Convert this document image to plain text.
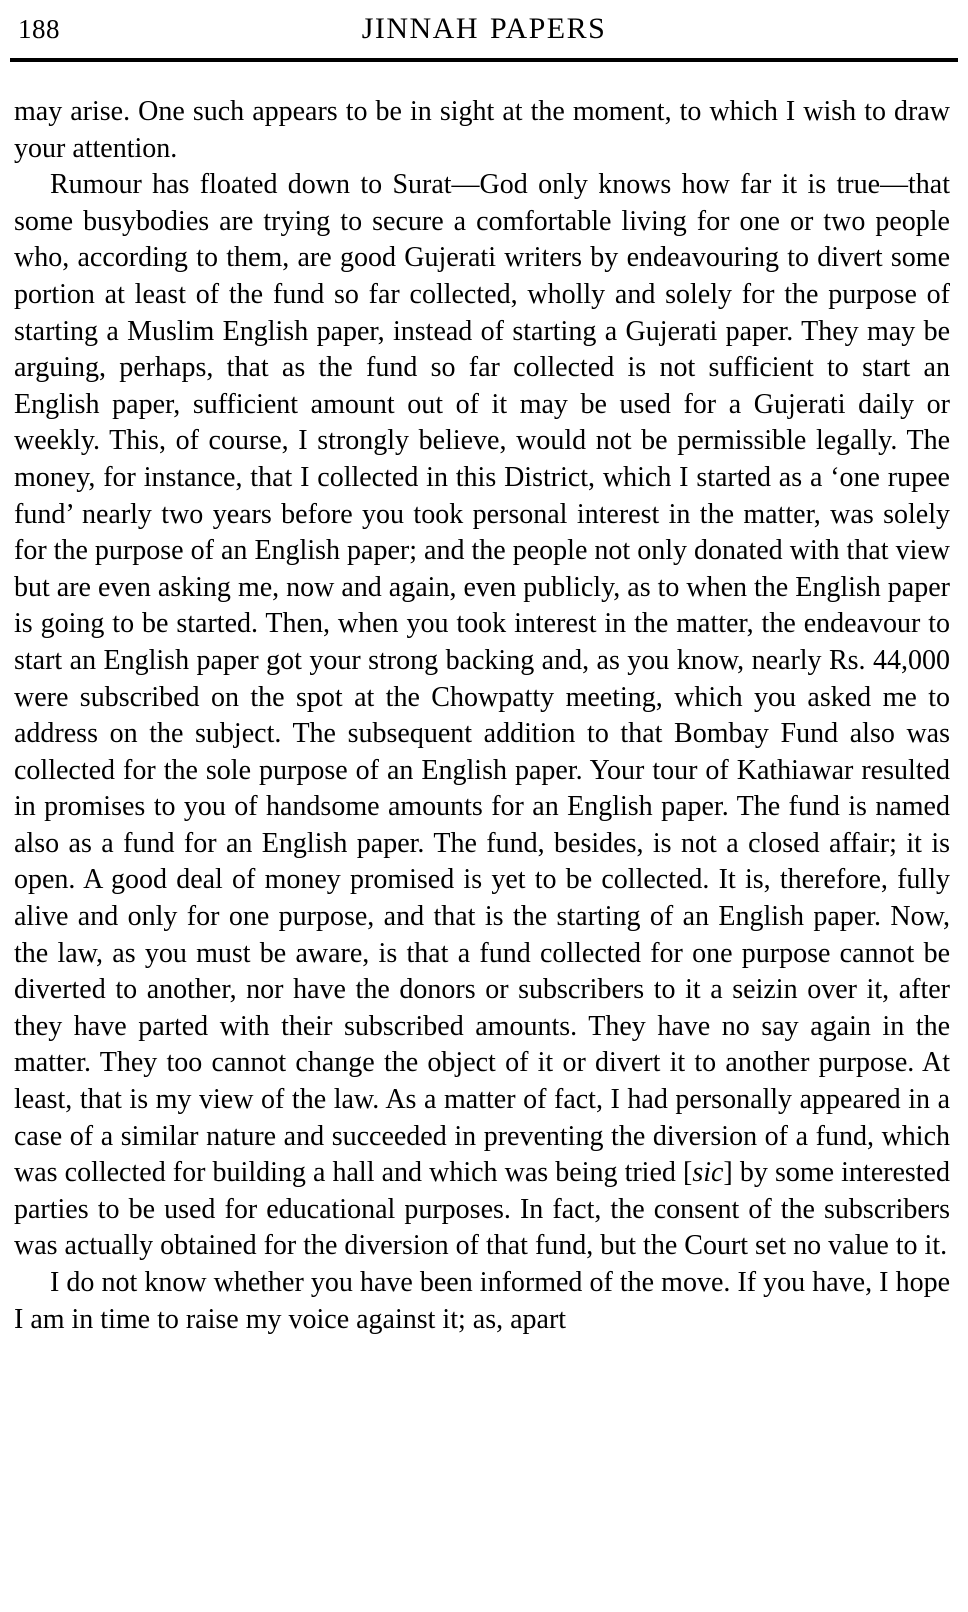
188	JINNAH PAPERS

may arise. One such appears to be in sight at the moment, to which I wish to draw your attention.

Rumour has floated down to Surat—God only knows how far it is true—that some busybodies are trying to secure a comfortable living for one or two people who, according to them, are good Gujerati writers by endeavouring to divert some portion at least of the fund so far collected, wholly and solely for the purpose of starting a Muslim English paper, instead of starting a Gujerati paper. They may be arguing, perhaps, that as the fund so far collected is not sufficient to start an English paper, sufficient amount out of it may be used for a Gujerati daily or weekly. This, of course, I strongly believe, would not be permissible legally. The money, for instance, that I collected in this District, which I started as a ‘one rupee fund’ nearly two years before you took personal interest in the matter, was solely for the purpose of an English paper; and the people not only donated with that view but are even asking me, now and again, even publicly, as to when the English paper is going to be started. Then, when you took interest in the matter, the endeavour to start an English paper got your strong backing and, as you know, nearly Rs. 44,000 were subscribed on the spot at the Chowpatty meeting, which you asked me to address on the subject. The subsequent addition to that Bombay Fund also was collected for the sole purpose of an English paper. Your tour of Kathiawar resulted in promises to you of handsome amounts for an English paper. The fund is named also as a fund for an English paper. The fund, besides, is not a closed affair; it is open. A good deal of money promised is yet to be collected. It is, therefore, fully alive and only for one purpose, and that is the starting of an English paper. Now, the law, as you must be aware, is that a fund collected for one purpose cannot be diverted to another, nor have the donors or subscribers to it a seizin over it, after they have parted with their subscribed amounts. They have no say again in the matter. They too cannot change the object of it or divert it to another purpose. At least, that is my view of the law. As a matter of fact, I had personally appeared in a case of a similar nature and succeeded in preventing the diversion of a fund, which was collected for building a hall and which was being tried [sic] by some interested parties to be used for educational purposes. In fact, the consent of the subscribers was actually obtained for the diversion of that fund, but the Court set no value to it.

I do not know whether you have been informed of the move. If you have, I hope I am in time to raise my voice against it; as, apart
